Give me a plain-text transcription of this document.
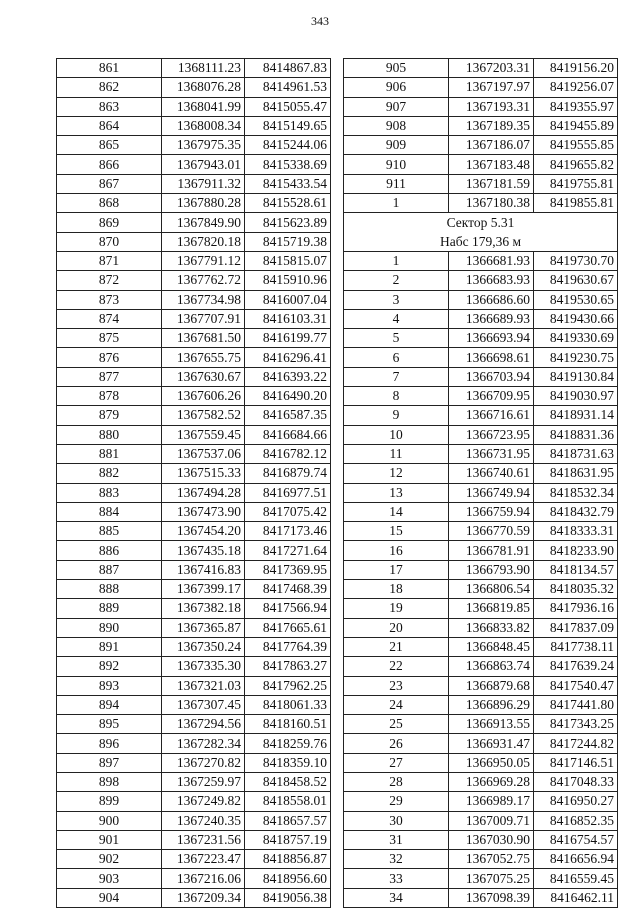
343
861	1368111.23	8414867.83
862	1368076.28	8414961.53
863	1368041.99	8415055.47
864	1368008.34	8415149.65
865	1367975.35	8415244.06
866	1367943.01	8415338.69
867	1367911.32	8415433.54
868	1367880.28	8415528.61
869	1367849.90	8415623.89
870	1367820.18	8415719.38
871	1367791.12	8415815.07
872	1367762.72	8415910.96
873	1367734.98	8416007.04
874	1367707.91	8416103.31
875	1367681.50	8416199.77
876	1367655.75	8416296.41
877	1367630.67	8416393.22
878	1367606.26	8416490.20
879	1367582.52	8416587.35
880	1367559.45	8416684.66
881	1367537.06	8416782.12
882	1367515.33	8416879.74
883	1367494.28	8416977.51
884	1367473.90	8417075.42
885	1367454.20	8417173.46
886	1367435.18	8417271.64
887	1367416.83	8417369.95
888	1367399.17	8417468.39
889	1367382.18	8417566.94
890	1367365.87	8417665.61
891	1367350.24	8417764.39
892	1367335.30	8417863.27
893	1367321.03	8417962.25
894	1367307.45	8418061.33
895	1367294.56	8418160.51
896	1367282.34	8418259.76
897	1367270.82	8418359.10
898	1367259.97	8418458.52
899	1367249.82	8418558.01
900	1367240.35	8418657.57
901	1367231.56	8418757.19
902	1367223.47	8418856.87
903	1367216.06	8418956.60
904	1367209.34	8419056.38
905	1367203.31	8419156.20
906	1367197.97	8419256.07
907	1367193.31	8419355.97
908	1367189.35	8419455.89
909	1367186.07	8419555.85
910	1367183.48	8419655.82
911	1367181.59	8419755.81
1	1367180.38	8419855.81
Сектор 5.31		
Набс 179,36 м		
1	1366681.93	8419730.70
2	1366683.93	8419630.67
3	1366686.60	8419530.65
4	1366689.93	8419430.66
5	1366693.94	8419330.69
6	1366698.61	8419230.75
7	1366703.94	8419130.84
8	1366709.95	8419030.97
9	1366716.61	8418931.14
10	1366723.95	8418831.36
11	1366731.95	8418731.63
12	1366740.61	8418631.95
13	1366749.94	8418532.34
14	1366759.94	8418432.79
15	1366770.59	8418333.31
16	1366781.91	8418233.90
17	1366793.90	8418134.57
18	1366806.54	8418035.32
19	1366819.85	8417936.16
20	1366833.82	8417837.09
21	1366848.45	8417738.11
22	1366863.74	8417639.24
23	1366879.68	8417540.47
24	1366896.29	8417441.80
25	1366913.55	8417343.25
26	1366931.47	8417244.82
27	1366950.05	8417146.51
28	1366969.28	8417048.33
29	1366989.17	8416950.27
30	1367009.71	8416852.35
31	1367030.90	8416754.57
32	1367052.75	8416656.94
33	1367075.25	8416559.45
34	1367098.39	8416462.11
